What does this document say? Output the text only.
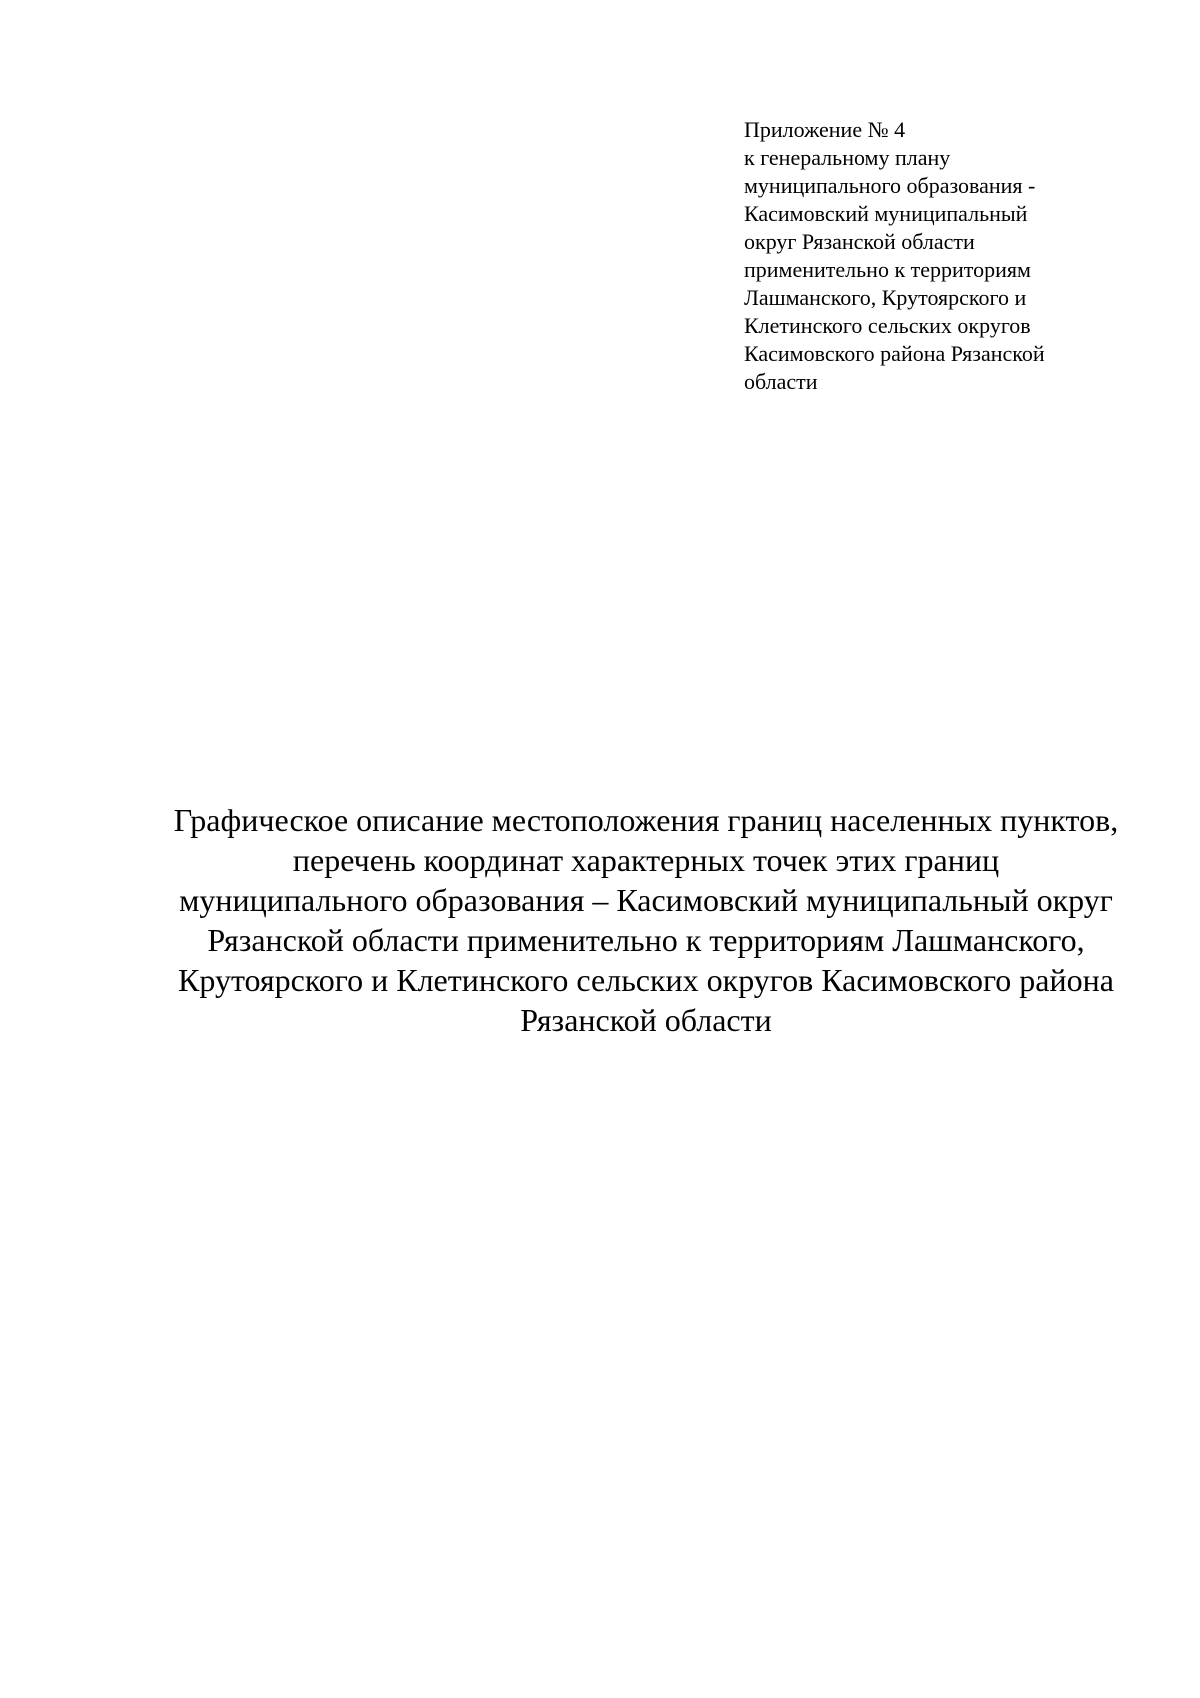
Приложение № 4
к генеральному плану
муниципального образования -
Касимовский муниципальный
округ Рязанской области
применительно к территориям
Лашманского, Крутоярского и
Клетинского сельских округов
Касимовского района Рязанской
области
Графическое описание местоположения границ населенных пунктов,
перечень координат характерных точек этих границ
муниципального образования – Касимовский муниципальный округ
Рязанской области применительно к территориям Лашманского,
Крутоярского и Клетинского сельских округов Касимовского района
Рязанской области
